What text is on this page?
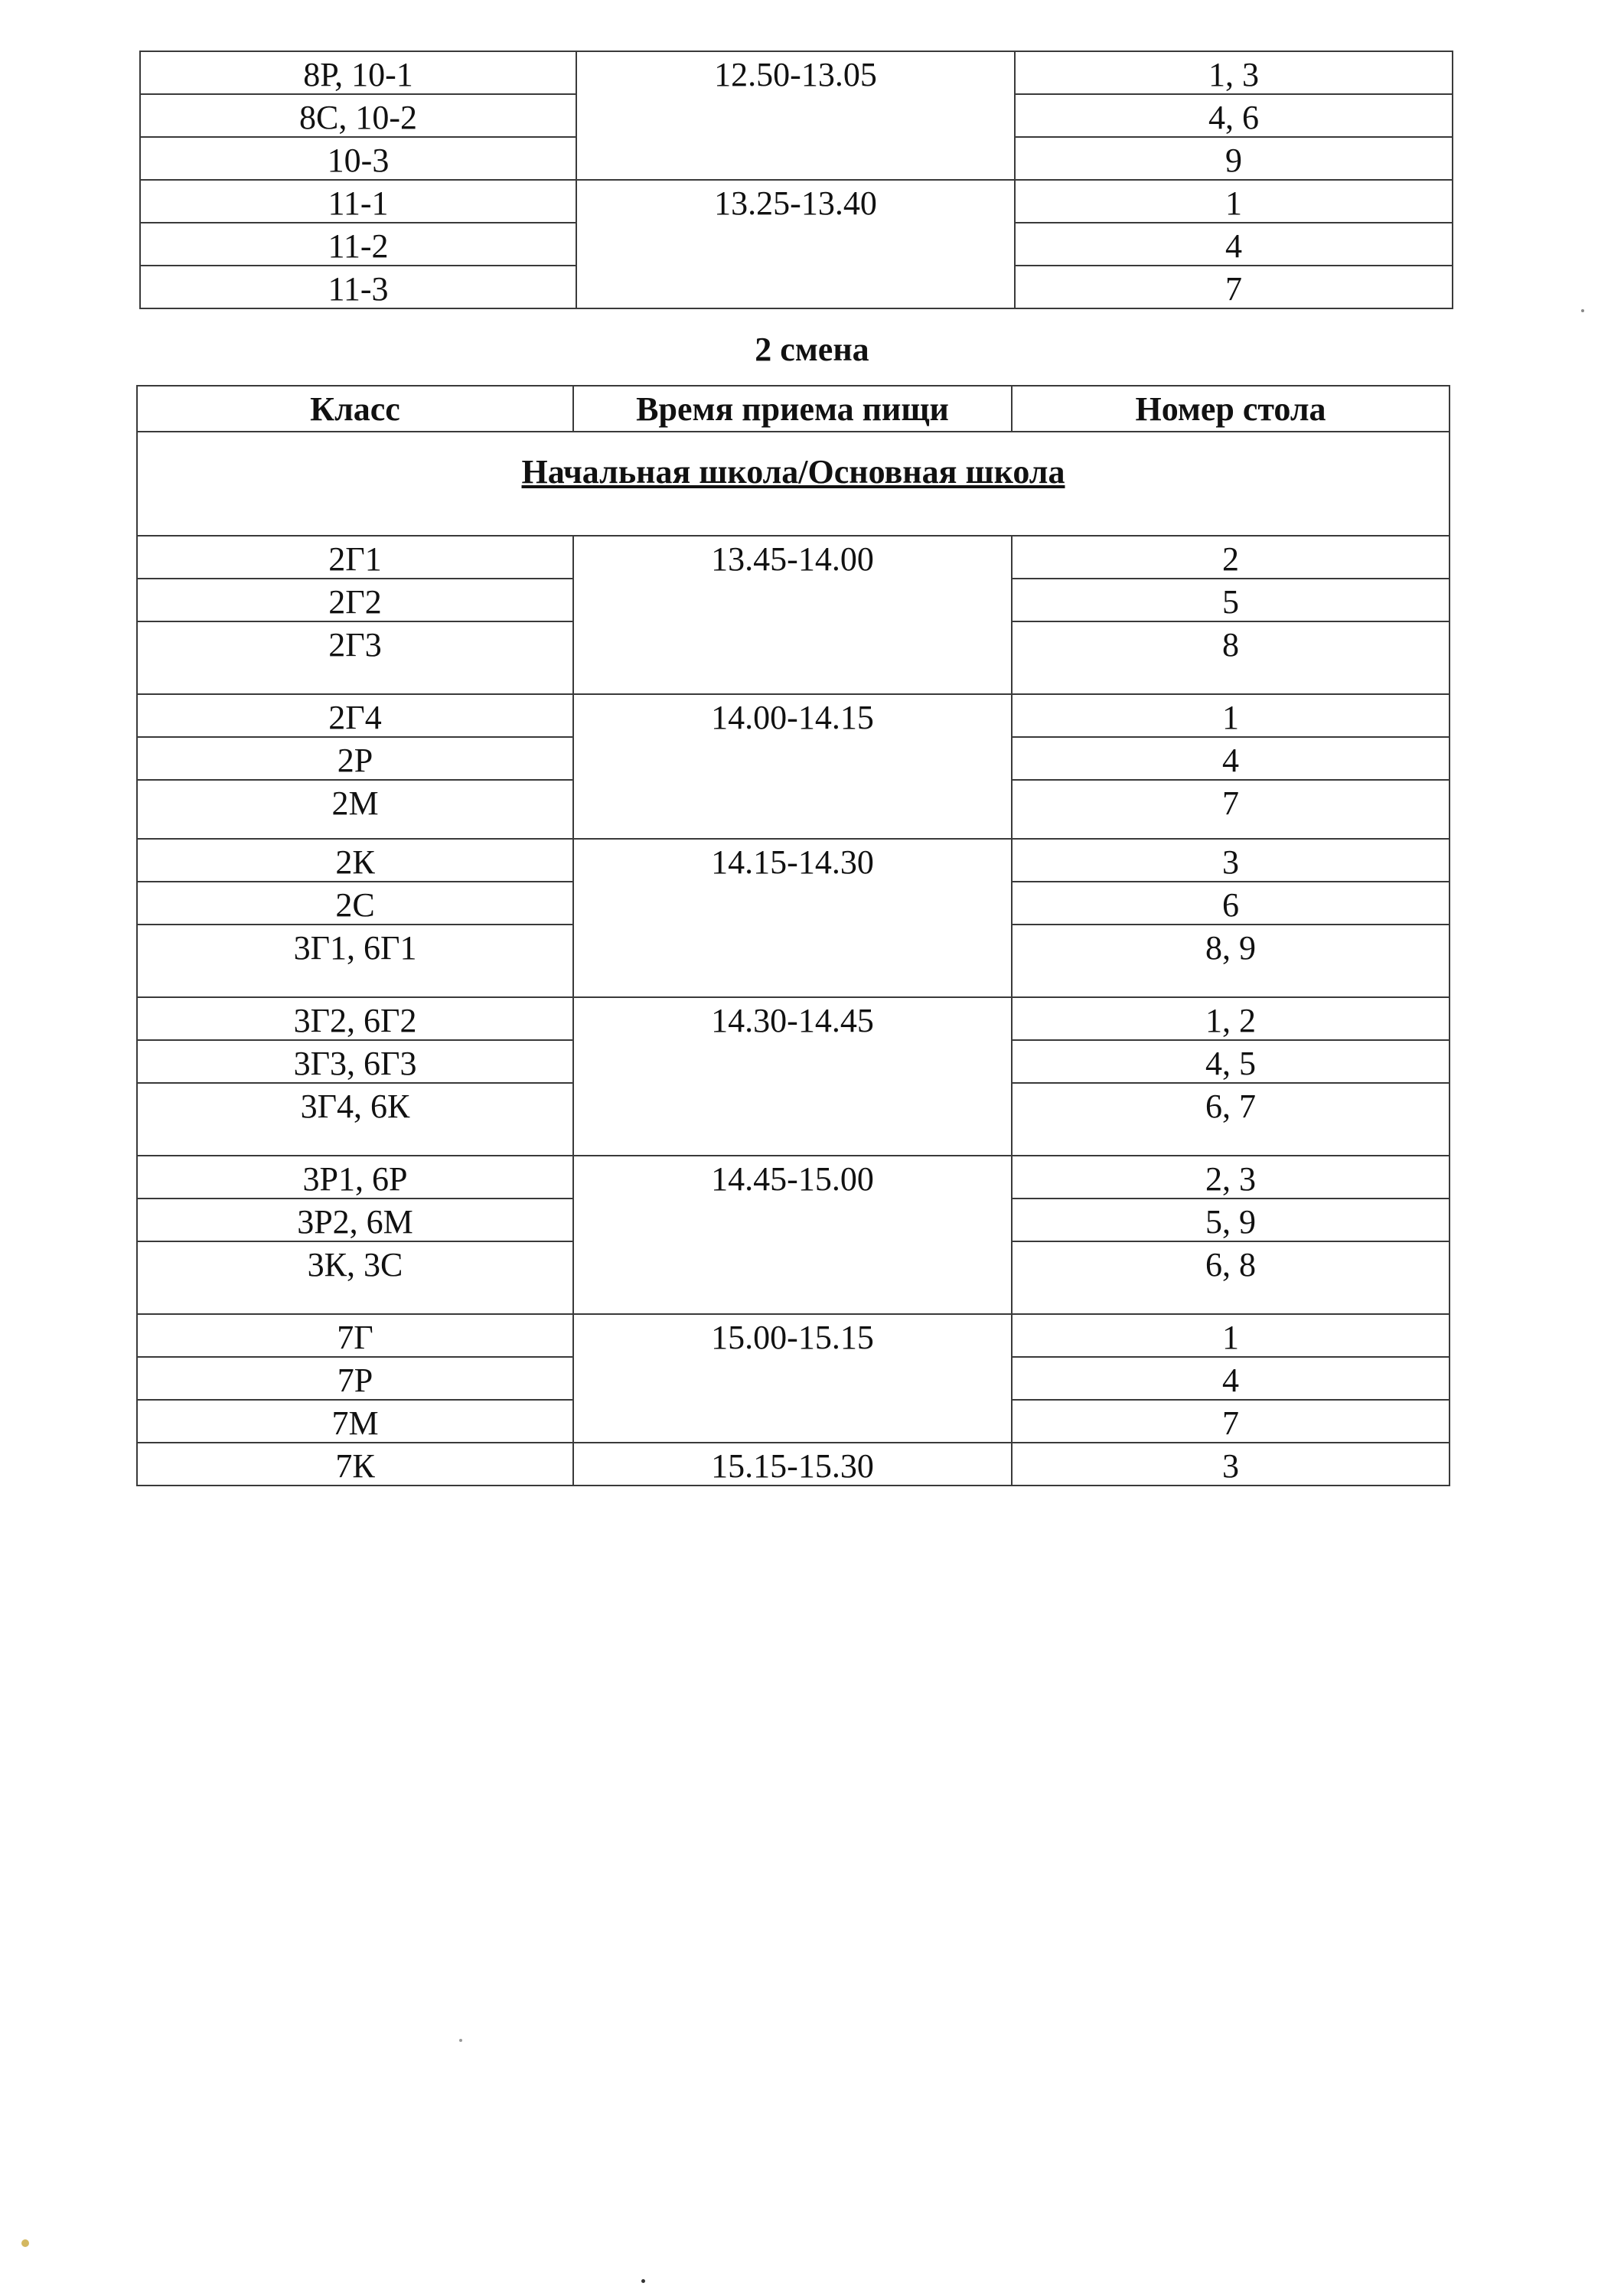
8Р, 10-1	12.50-13.05	1, 3
8С, 10-2		4, 6
10-3		9
11-1	13.25-13.40	1
11-2		4
11-3		7
2 смена
Класс	Время приема пищи	Номер стола
Начальная школа/Основная школа		
2Г1	13.45-14.00	2
2Г2		5
2Г3		8
2Г4	14.00-14.15	1
2Р		4
2М		7
2К	14.15-14.30	3
2С		6
3Г1, 6Г1		8, 9
3Г2, 6Г2	14.30-14.45	1, 2
3Г3, 6Г3		4, 5
3Г4, 6К		6, 7
3Р1, 6Р	14.45-15.00	2, 3
3Р2, 6М		5, 9
3К, 3С		6, 8
7Г	15.00-15.15	1
7Р		4
7М		7
7К	15.15-15.30	3
